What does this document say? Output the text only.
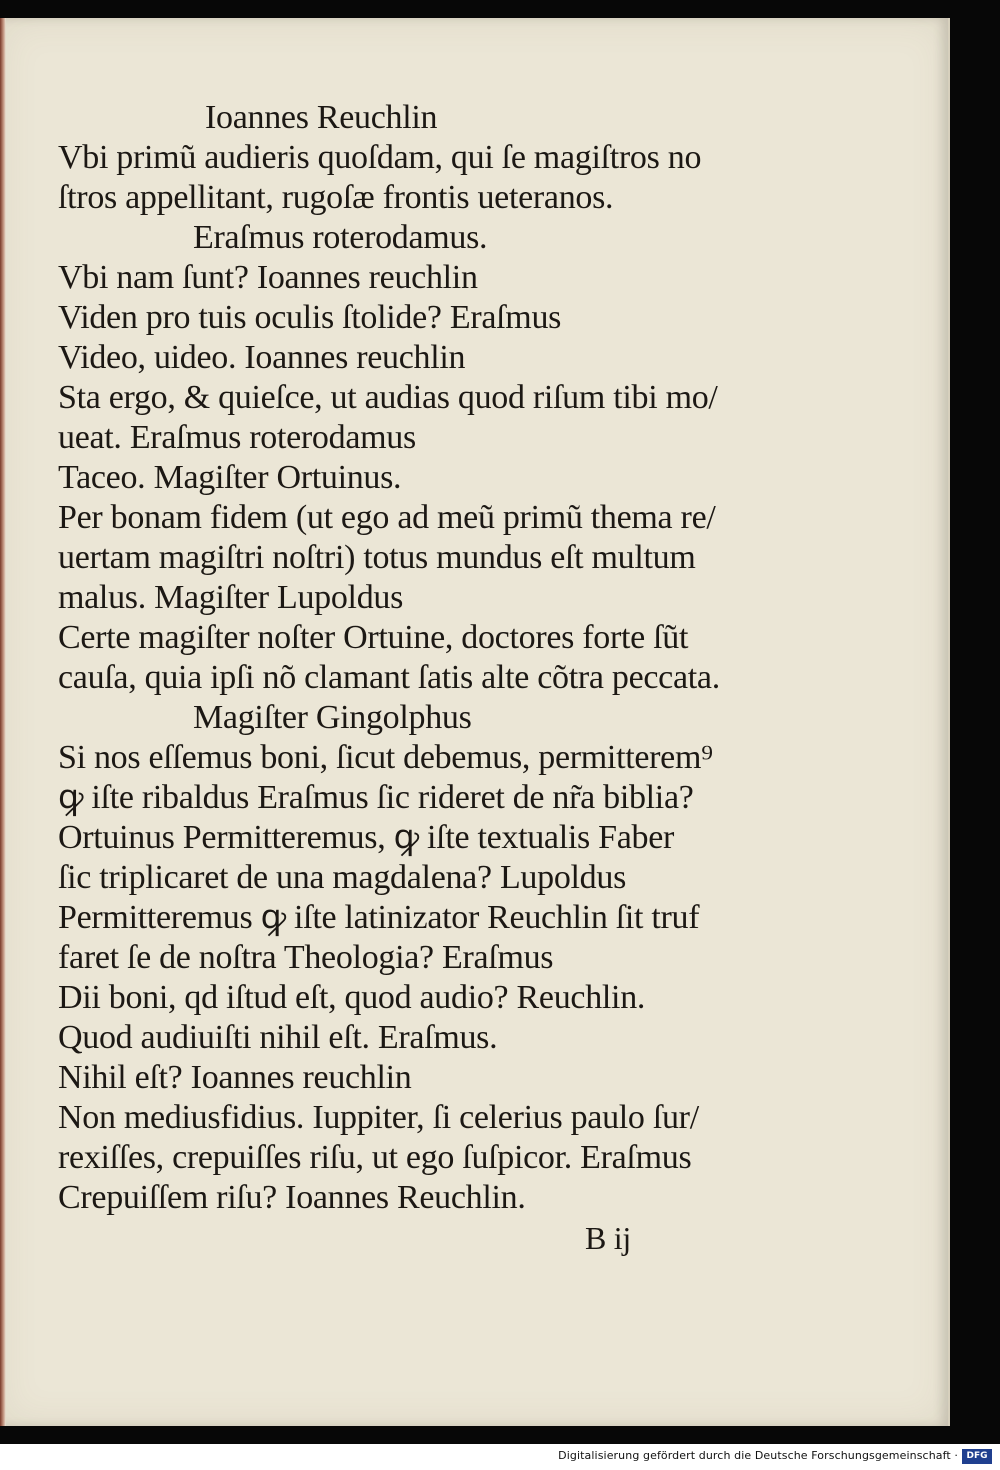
Ioannes Reuchlin
Vbi primũ audieris quoſdam, qui ſe magiſtros no
ſtros appellitant, rugoſæ frontis ueteranos.
Eraſmus roterodamus.
Vbi nam ſunt? Ioannes reuchlin
Viden pro tuis oculis ſtolide? Eraſmus
Video, uideo. Ioannes reuchlin
Sta ergo, & quieſce, ut audias quod riſum tibi mo/
ueat. Eraſmus roterodamus
Taceo. Magiſter Ortuinus.
Per bonam fidem (ut ego ad meũ primũ thema re/
uertam magiſtri noſtri) totus mundus eſt multum
malus. Magiſter Lupoldus
Certe magiſter noſter Ortuine, doctores forte ſũt
cauſa, quia ipſi nõ clamant ſatis alte cõtra peccata.
Magiſter Gingolphus
Si nos eſſemus boni, ſicut debemus, permitterem⁹
ꝙ iſte ribaldus Eraſmus ſic rideret de nr̃a biblia?
Ortuinus Permitteremus, ꝙ iſte textualis Faber
ſic triplicaret de una magdalena? Lupoldus
Permitteremus ꝙ iſte latinizator Reuchlin ſit truf
faret ſe de noſtra Theologia? Eraſmus
Dii boni, qd iſtud eſt, quod audio? Reuchlin.
Quod audiuiſti nihil eſt. Eraſmus.
Nihil eſt? Ioannes reuchlin
Non mediusfidius. Iuppiter, ſi celerius paulo ſur/
rexiſſes, crepuiſſes riſu, ut ego ſuſpicor. Eraſmus
Crepuiſſem riſu? Ioannes Reuchlin.
B ij
Digitalisierung gefördert durch die Deutsche Forschungsgemeinschaft · DFG
